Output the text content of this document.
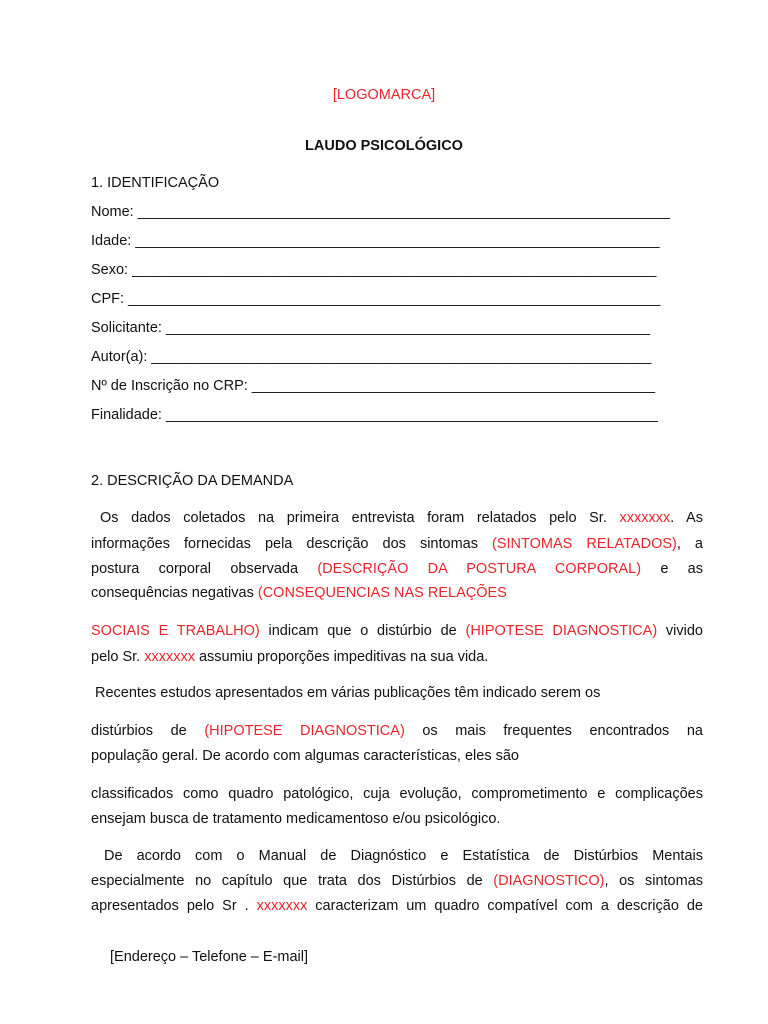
[LOGOMARCA]
LAUDO PSICOLÓGICO
1. IDENTIFICAÇÃO
Nome: __________________________________________________________________
Idade: _________________________________________________________________
Sexo: _________________________________________________________________
CPF: __________________________________________________________________
Solicitante: ____________________________________________________________
Autor(a): ______________________________________________________________
Nº de Inscrição no CRP: __________________________________________________
Finalidade: _____________________________________________________________
2. DESCRIÇÃO DA DEMANDA
Os dados coletados na primeira entrevista foram relatados pelo Sr. xxxxxxx. As
informações fornecidas pela descrição dos sintomas (SINTOMAS RELATADOS), a
postura corporal observada (DESCRIÇÃO DA POSTURA CORPORAL) e as
consequências negativas (CONSEQUENCIAS NAS RELAÇÕES
SOCIAIS E TRABALHO) indicam que o distúrbio de (HIPOTESE DIAGNOSTICA) vivido
pelo Sr. xxxxxxx assumiu proporções impeditivas na sua vida.
Recentes estudos apresentados em várias publicações têm indicado serem os
distúrbios de (HIPOTESE DIAGNOSTICA) os mais frequentes encontrados na
população geral. De acordo com algumas características, eles são
classificados como quadro patológico, cuja evolução, comprometimento e complicações
ensejam busca de tratamento medicamentoso e/ou psicológico.
De acordo com o Manual de Diagnóstico e Estatística de Distúrbios Mentais
especialmente no capítulo que trata dos Distúrbios de (DIAGNOSTICO), os sintomas
apresentados pelo Sr . xxxxxxx caracterizam um quadro compatível com a descrição de
[Endereço – Telefone – E-mail]
